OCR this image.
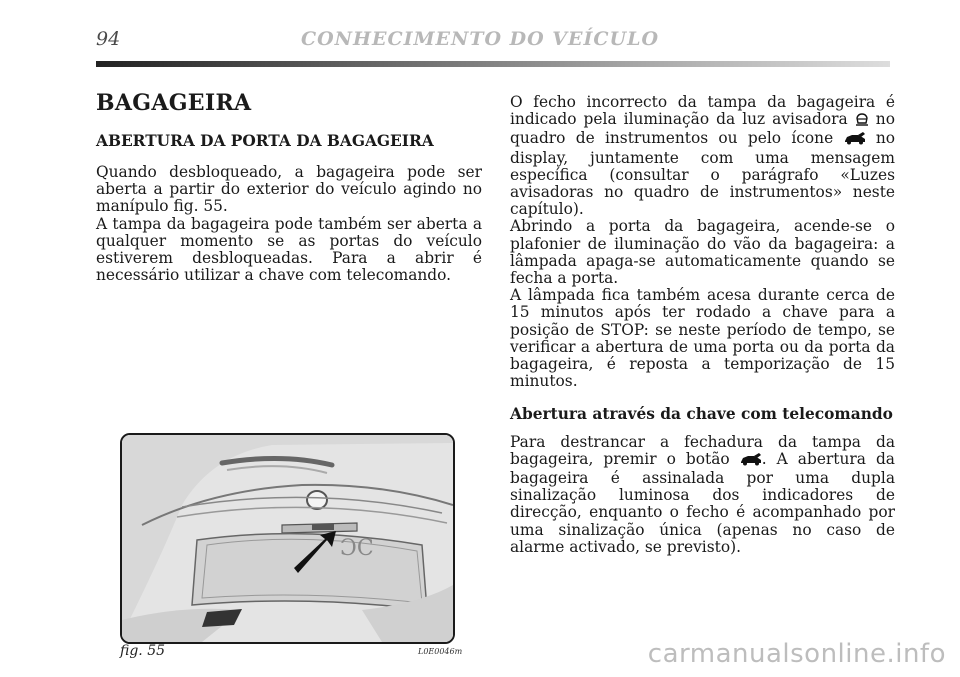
94	CONHECIMENTO DO VEÍCULO
BAGAGEIRA
ABERTURA DA PORTA DA BAGAGEIRA

Quando desbloqueado, a bagageira pode ser aberta a partir do exterior do veículo agindo no manípulo fig. 55.

A tampa da bagageira pode também ser aberta a qualquer momento se as portas do veículo estiverem desbloqueadas. Para a abrir é necessário utilizar a chave com telecomando.

O fecho incorrecto da tampa da bagageira é indicado pela iluminação da luz avisadora no quadro de instrumentos ou pelo ícone	no display, juntamente com uma mensagem específica (consultar o parágrafo «Luzes avisadoras no quadro de instrumentos» neste capítulo).

Abrindo a porta da bagageira, acende-se o plafonier de iluminação do vão da bagageira: a lâmpada apaga-se automaticamente quando se fecha a porta.

A lâmpada fica também acesa durante cerca de 15 minutos após ter rodado a chave para a posição de STOP: se neste período de tempo, se verificar a abertura de uma porta ou da porta da bagageira, é reposta a temporização de 15 minutos.

Abertura através da chave com telecomando

Para destrancar a fechadura da tampa da bagageira, premir o botão . A abertura da bagageira é assinalada por uma dupla sinalização luminosa dos indicadores de direcção, enquanto o fecho é acompanhado por uma sinalização única (apenas no caso de alarme activado, se previsto).

ƆC
fig. 55	L0E0046m	carmanualsonline.info
